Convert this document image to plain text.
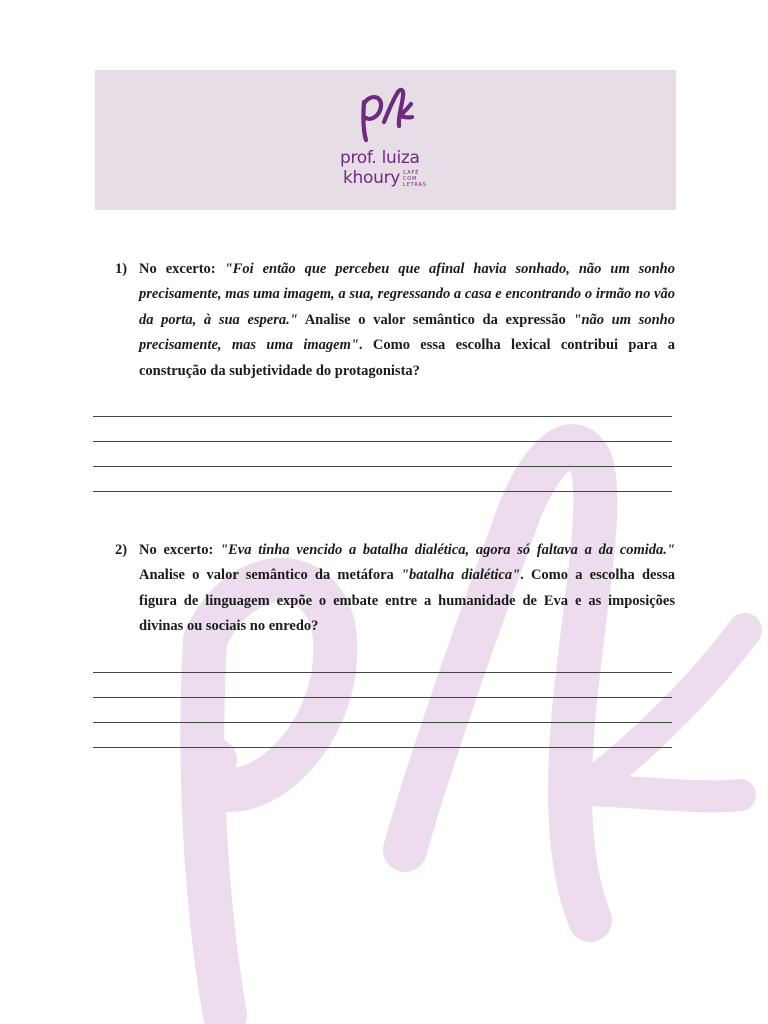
prof. luiza
khoury CAFÉ COM LETRAS
1) No excerto: "Foi então que percebeu que afinal havia sonhado, não um sonho precisamente, mas uma imagem, a sua, regressando a casa e encontrando o irmão no vão da porta, à sua espera." Analise o valor semântico da expressão "não um sonho precisamente, mas uma imagem". Como essa escolha lexical contribui para a construção da subjetividade do protagonista?
2) No excerto: "Eva tinha vencido a batalha dialética, agora só faltava a da comida." Analise o valor semântico da metáfora "batalha dialética". Como a escolha dessa figura de linguagem expõe o embate entre a humanidade de Eva e as imposições divinas ou sociais no enredo?
